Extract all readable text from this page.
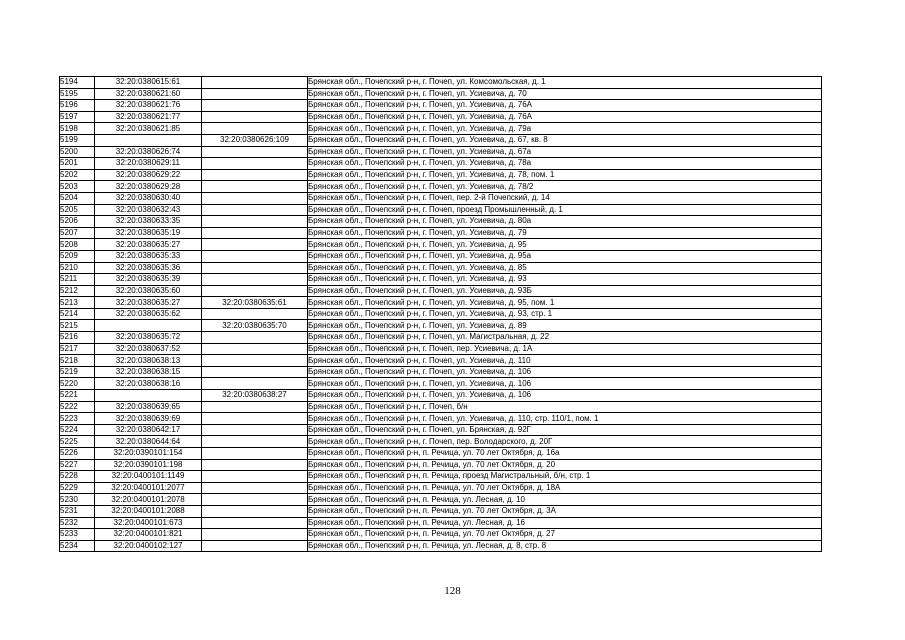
5194	32:20:0380615:61		Брянская обл., Почепский р-н, г. Почеп, ул. Комсомольская, д. 1
5195	32:20:0380621:60		Брянская обл., Почепский р-н, г. Почеп, ул. Усиевича, д. 70
5196	32:20:0380621:76		Брянская обл., Почепский р-н, г. Почеп, ул. Усиевича, д. 76А
5197	32:20:0380621:77		Брянская обл., Почепский р-н, г. Почеп, ул. Усиевича, д. 76А
5198	32:20:0380621:85		Брянская обл., Почепский р-н, г. Почеп, ул. Усиевича, д. 79а
5199		32:20:0380626:109	Брянская обл., Почепский р-н, г. Почеп, ул. Усиевича, д. 67, кв. 8
5200	32:20:0380626:74		Брянская обл., Почепский р-н, г. Почеп, ул. Усиевича, д. 67а
5201	32:20:0380629:11		Брянская обл., Почепский р-н, г. Почеп, ул. Усиевича, д. 78а
5202	32:20:0380629:22		Брянская обл., Почепский р-н, г. Почеп, ул. Усиевича, д. 78, пом. 1
5203	32:20:0380629:28		Брянская обл., Почепский р-н, г. Почеп, ул. Усиевича, д. 78/2
5204	32:20:0380630:40		Брянская обл., Почепский р-н, г. Почеп, пер. 2-й Почепский, д. 14
5205	32:20:0380632:43		Брянская обл., Почепский р-н, г. Почеп, проезд Промышленный, д. 1
5206	32:20:0380633:35		Брянская обл., Почепский р-н, г. Почеп, ул. Усиевича, д. 80а
5207	32:20:0380635:19		Брянская обл., Почепский р-н, г. Почеп, ул. Усиевича, д. 79
5208	32:20:0380635:27		Брянская обл., Почепский р-н, г. Почеп, ул. Усиевича, д. 95
5209	32:20:0380635:33		Брянская обл., Почепский р-н, г. Почеп, ул. Усиевича, д. 95а
5210	32:20:0380635:36		Брянская обл., Почепский р-н, г. Почеп, ул. Усиевича, д. 85
5211	32:20:0380635:39		Брянская обл., Почепский р-н, г. Почеп, ул. Усиевича, д. 93
5212	32:20:0380635:60		Брянская обл., Почепский р-н, г. Почеп, ул. Усиевича, д. 93Б
5213	32:20:0380635:27	32:20:0380635:61	Брянская обл., Почепский р-н, г. Почеп, ул. Усиевича, д. 95, пом. 1
5214	32:20:0380635:62		Брянская обл., Почепский р-н, г. Почеп, ул. Усиевича, д. 93, стр. 1
5215		32:20:0380635:70	Брянская обл., Почепский р-н, г. Почеп, ул. Усиевича, д. 89
5216	32:20:0380635:72		Брянская обл., Почепский р-н, г. Почеп, ул. Магистральная, д. 22
5217	32:20:0380637:52		Брянская обл., Почепский р-н, г. Почеп, пер. Усиевича, д. 1А
5218	32:20:0380638:13		Брянская обл., Почепский р-н, г. Почеп, ул. Усиевича, д. 110
5219	32:20:0380638:15		Брянская обл., Почепский р-н, г. Почеп, ул. Усиевича, д. 106
5220	32:20:0380638:16		Брянская обл., Почепский р-н, г. Почеп, ул. Усиевича, д. 106
5221		32:20:0380638:27	Брянская обл., Почепский р-н, г. Почеп, ул. Усиевича, д. 106
5222	32:20:0380639:65		Брянская обл., Почепский р-н, г. Почеп, б/н
5223	32:20:0380639:69		Брянская обл., Почепский р-н, г. Почеп, ул. Усиевича, д. 110, стр. 110/1, пом. 1
5224	32:20:0380642:17		Брянская обл., Почепский р-н, г. Почеп, ул. Брянская, д. 92Г
5225	32:20:0380644:64		Брянская обл., Почепский р-н, г. Почеп, пер. Володарского, д. 20Г
5226	32:20:0390101:154		Брянская обл., Почепский р-н, п. Речица, ул. 70 лет Октября, д. 16а
5227	32:20:0390101:198		Брянская обл., Почепский р-н, п. Речица, ул. 70 лет Октября, д. 20
5228	32:20:0400101:1149		Брянская обл., Почепский р-н, п. Речица, проезд Магистральный, б/н, стр. 1
5229	32:20:0400101:2077		Брянская обл., Почепский р-н, п. Речица, ул. 70 лет Октября, д. 18А
5230	32:20:0400101:2078		Брянская обл., Почепский р-н, п. Речица, ул. Лесная, д. 10
5231	32:20:0400101:2088		Брянская обл., Почепский р-н, п. Речица, ул. 70 лет Октября, д. 3А
5232	32:20:0400101:673		Брянская обл., Почепский р-н, п. Речица, ул. Лесная, д. 16
5233	32:20:0400101:821		Брянская обл., Почепский р-н, п. Речица, ул. 70 лет Октября, д. 27
5234	32:20:0400102:127		Брянская обл., Почепский р-н, п. Речица, ул. Лесная, д. 8, стр. 8
128
